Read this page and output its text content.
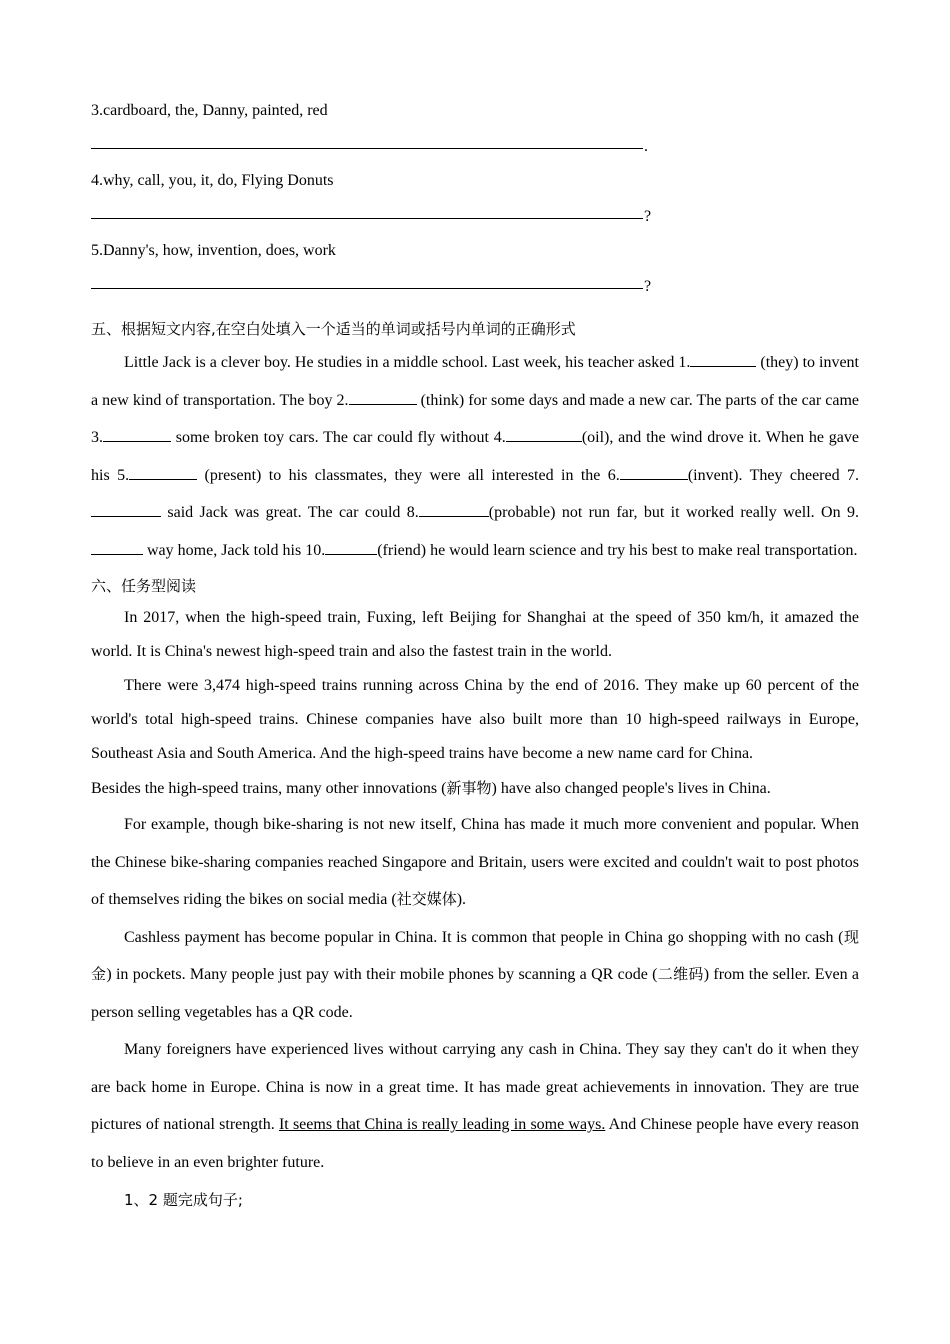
3.cardboard, the, Danny, painted, red

.

4.why, call, you, it, do, Flying Donuts

?

5.Danny's, how, invention, does, work

?
五、根据短文内容,在空白处填入一个适当的单词或括号内单词的正确形式

Little Jack is a clever boy. He studies in a middle school. Last week, his teacher asked 1.	(they) to invent a new kind of transportation. The boy 2.	(think) for some days and made a new car. The parts of the car came 3.	some broken toy cars. The car could fly without 4.	(oil), and the wind drove it. When he gave his 5.	(present) to his classmates, they were all interested in the 6.	(invent). They cheered 7. said Jack was great. The car could 8.	(probable) not run far, but it worked really well. On 9. way home, Jack told his 10.	(friend) he would learn science and try his best to make real transportation.

六、任务型阅读

In 2017, when the high-speed train, Fuxing, left Beijing for Shanghai at the speed of 350 km/h, it amazed the world. It is China's newest high-speed train and also the fastest train in the world.

There were 3,474 high-speed trains running across China by the end of 2016. They make up 60 percent of the world's total high-speed trains. Chinese companies have also built more than 10 high-speed railways in Europe, Southeast Asia and South America. And the high-speed trains have become a new name card for China.

Besides the high-speed trains, many other innovations (新事物) have also changed people's lives in China.

For example, though bike-sharing is not new itself, China has made it much more convenient and popular. When the Chinese bike-sharing companies reached Singapore and Britain, users were excited and couldn't wait to post photos of themselves riding the bikes on social media (社交媒体).

Cashless payment has become popular in China. It is common that people in China go shopping with no cash (现金) in pockets. Many people just pay with their mobile phones by scanning a QR code (二维码) from the seller. Even a person selling vegetables has a QR code.

Many foreigners have experienced lives without carrying any cash in China. They say they can't do it when they are back home in Europe. China is now in a great time. It has made great achievements in innovation. They are true pictures of national strength. It seems that China is really leading in some ways. And Chinese people have every reason to believe in an even brighter future.

1、2 题完成句子;
